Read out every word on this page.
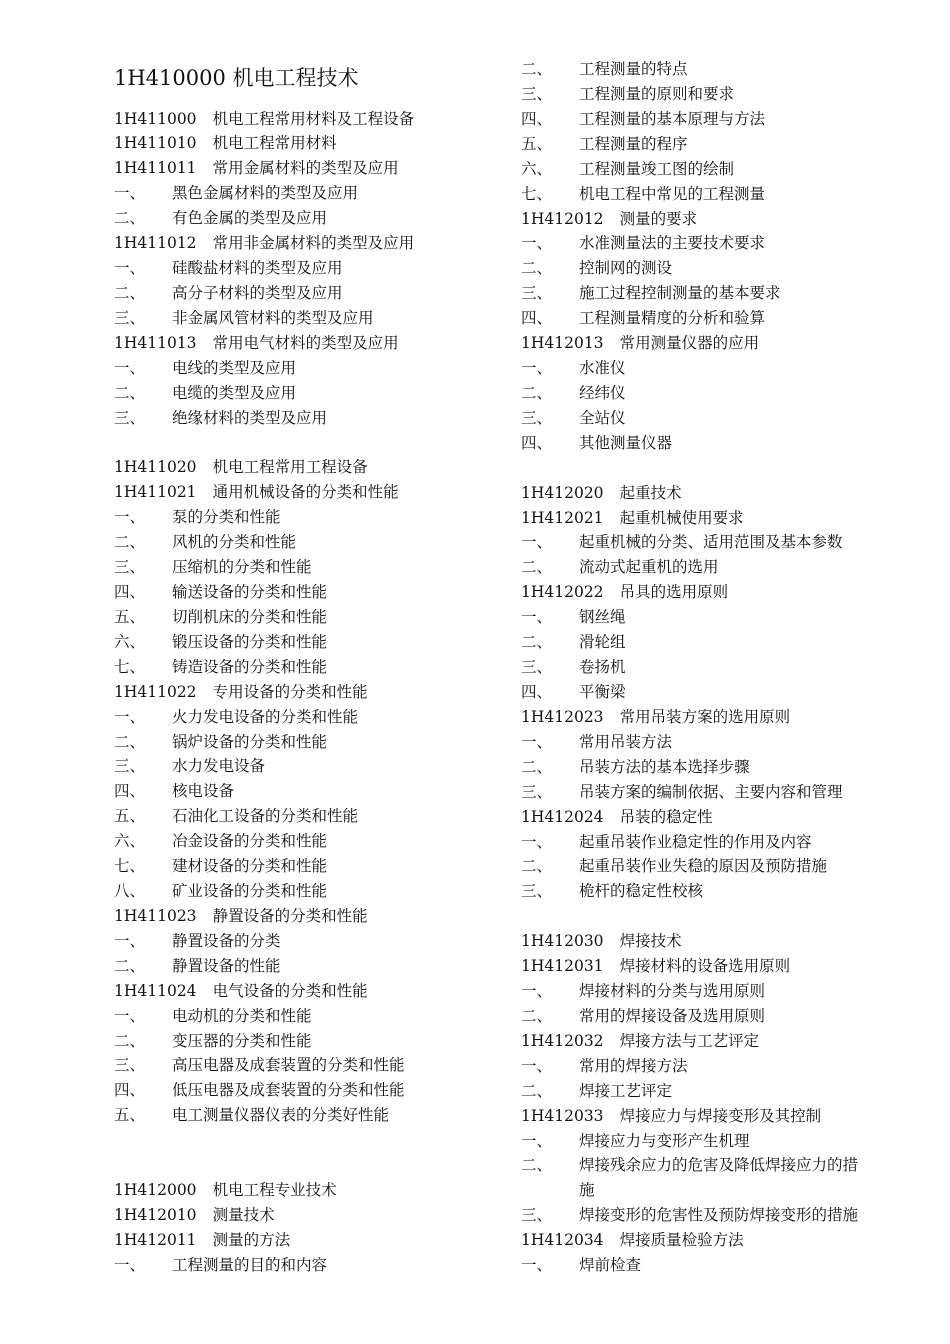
1H410000 机电工程技术
1H411000 机电工程常用材料及工程设备
1H411010 机电工程常用材料
1H411011 常用金属材料的类型及应用
一、 黑色金属材料的类型及应用
二、 有色金属的类型及应用
1H411012 常用非金属材料的类型及应用
一、 硅酸盐材料的类型及应用
二、 高分子材料的类型及应用
三、 非金属风管材料的类型及应用
1H411013 常用电气材料的类型及应用
一、 电线的类型及应用
二、 电缆的类型及应用
三、 绝缘材料的类型及应用
1H411020 机电工程常用工程设备
1H411021 通用机械设备的分类和性能
一、 泵的分类和性能
二、 风机的分类和性能
三、 压缩机的分类和性能
四、 输送设备的分类和性能
五、 切削机床的分类和性能
六、 锻压设备的分类和性能
七、 铸造设备的分类和性能
1H411022 专用设备的分类和性能
一、 火力发电设备的分类和性能
二、 锅炉设备的分类和性能
三、 水力发电设备
四、 核电设备
五、 石油化工设备的分类和性能
六、 冶金设备的分类和性能
七、 建材设备的分类和性能
八、 矿业设备的分类和性能
1H411023 静置设备的分类和性能
一、 静置设备的分类
二、 静置设备的性能
1H411024 电气设备的分类和性能
一、 电动机的分类和性能
二、 变压器的分类和性能
三、 高压电器及成套装置的分类和性能
四、 低压电器及成套装置的分类和性能
五、 电工测量仪器仪表的分类好性能
1H412000 机电工程专业技术
1H412010 测量技术
1H412011 测量的方法
一、 工程测量的目的和内容
二、 工程测量的特点
三、 工程测量的原则和要求
四、 工程测量的基本原理与方法
五、 工程测量的程序
六、 工程测量竣工图的绘制
七、 机电工程中常见的工程测量
1H412012 测量的要求
一、 水准测量法的主要技术要求
二、 控制网的测设
三、 施工过程控制测量的基本要求
四、 工程测量精度的分析和验算
1H412013 常用测量仪器的应用
一、 水准仪
二、 经纬仪
三、 全站仪
四、 其他测量仪器
1H412020 起重技术
1H412021 起重机械使用要求
一、 起重机械的分类、适用范围及基本参数
二、 流动式起重机的选用
1H412022 吊具的选用原则
一、 钢丝绳
二、 滑轮组
三、 卷扬机
四、 平衡梁
1H412023 常用吊装方案的选用原则
一、 常用吊装方法
二、 吊装方法的基本选择步骤
三、 吊装方案的编制依据、主要内容和管理
1H412024 吊装的稳定性
一、 起重吊装作业稳定性的作用及内容
二、 起重吊装作业失稳的原因及预防措施
三、 桅杆的稳定性校核
1H412030 焊接技术
1H412031 焊接材料的设备选用原则
一、 焊接材料的分类与选用原则
二、 常用的焊接设备及选用原则
1H412032 焊接方法与工艺评定
一、 常用的焊接方法
二、 焊接工艺评定
1H412033 焊接应力与焊接变形及其控制
一、 焊接应力与变形产生机理
二、 焊接残余应力的危害及降低焊接应力的措
施
三、 焊接变形的危害性及预防焊接变形的措施
1H412034 焊接质量检验方法
一、 焊前检查
